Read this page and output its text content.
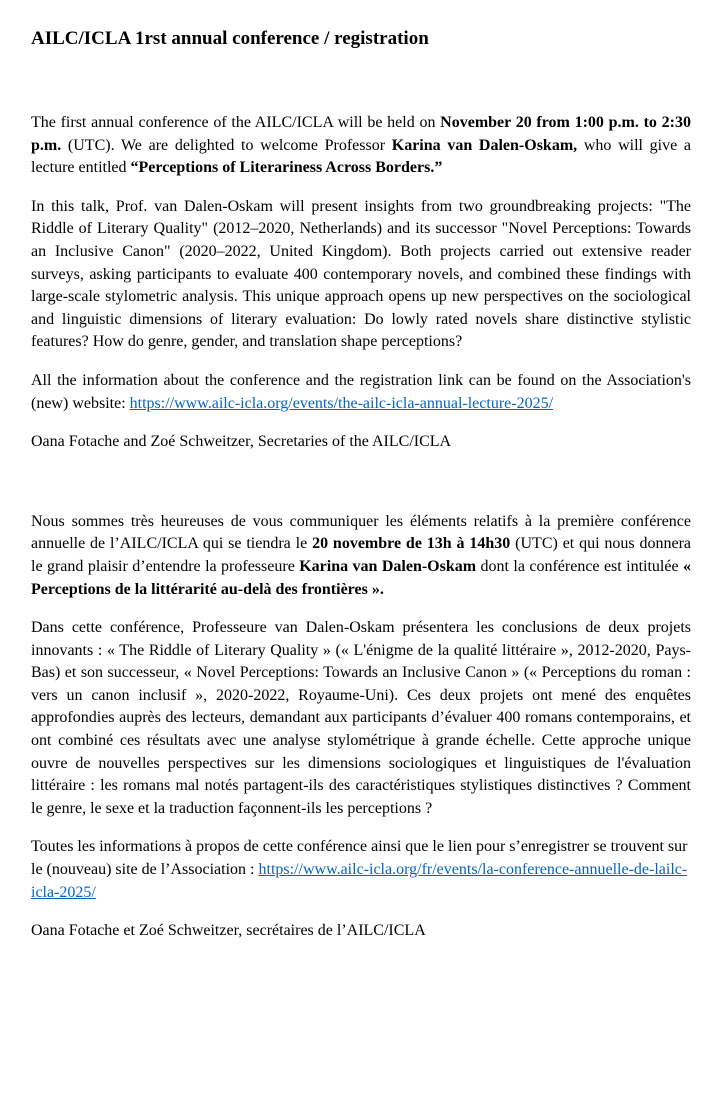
AILC/ICLA 1rst annual conference / registration

The first annual conference of the AILC/ICLA will be held on November 20 from 1:00 p.m. to 2:30 p.m. (UTC). We are delighted to welcome Professor Karina van Dalen-Oskam, who will give a lecture entitled “Perceptions of Literariness Across Borders.”

In this talk, Prof. van Dalen-Oskam will present insights from two groundbreaking projects: "The Riddle of Literary Quality" (2012–2020, Netherlands) and its successor "Novel Perceptions: Towards an Inclusive Canon" (2020–2022, United Kingdom). Both projects carried out extensive reader surveys, asking participants to evaluate 400 contemporary novels, and combined these findings with large-scale stylometric analysis. This unique approach opens up new perspectives on the sociological and linguistic dimensions of literary evaluation: Do lowly rated novels share distinctive stylistic features? How do genre, gender, and translation shape perceptions?

All the information about the conference and the registration link can be found on the Association's (new) website: https://www.ailc-icla.org/events/the-ailc-icla-annual-lecture-2025/

Oana Fotache and Zoé Schweitzer, Secretaries of the AILC/ICLA

Nous sommes très heureuses de vous communiquer les éléments relatifs à la première conférence annuelle de l’AILC/ICLA qui se tiendra le 20 novembre de 13h à 14h30 (UTC) et qui nous donnera le grand plaisir d’entendre la professeure Karina van Dalen-Oskam dont la conférence est intitulée « Perceptions de la littérarité au-delà des frontières ».

Dans cette conférence, Professeure van Dalen-Oskam présentera les conclusions de deux projets innovants : « The Riddle of Literary Quality » (« L'énigme de la qualité littéraire », 2012-2020, Pays-Bas) et son successeur, « Novel Perceptions: Towards an Inclusive Canon » (« Perceptions du roman : vers un canon inclusif », 2020-2022, Royaume-Uni). Ces deux projets ont mené des enquêtes approfondies auprès des lecteurs, demandant aux participants d’évaluer 400 romans contemporains, et ont combiné ces résultats avec une analyse stylométrique à grande échelle. Cette approche unique ouvre de nouvelles perspectives sur les dimensions sociologiques et linguistiques de l'évaluation littéraire : les romans mal notés partagent-ils des caractéristiques stylistiques distinctives ? Comment le genre, le sexe et la traduction façonnent-ils les perceptions ?

Toutes les informations à propos de cette conférence ainsi que le lien pour s’enregistrer se trouvent sur le (nouveau) site de l’Association : https://www.ailc-icla.org/fr/events/la-conference-annuelle-de-lailc-icla-2025/

Oana Fotache et Zoé Schweitzer, secrétaires de l’AILC/ICLA
